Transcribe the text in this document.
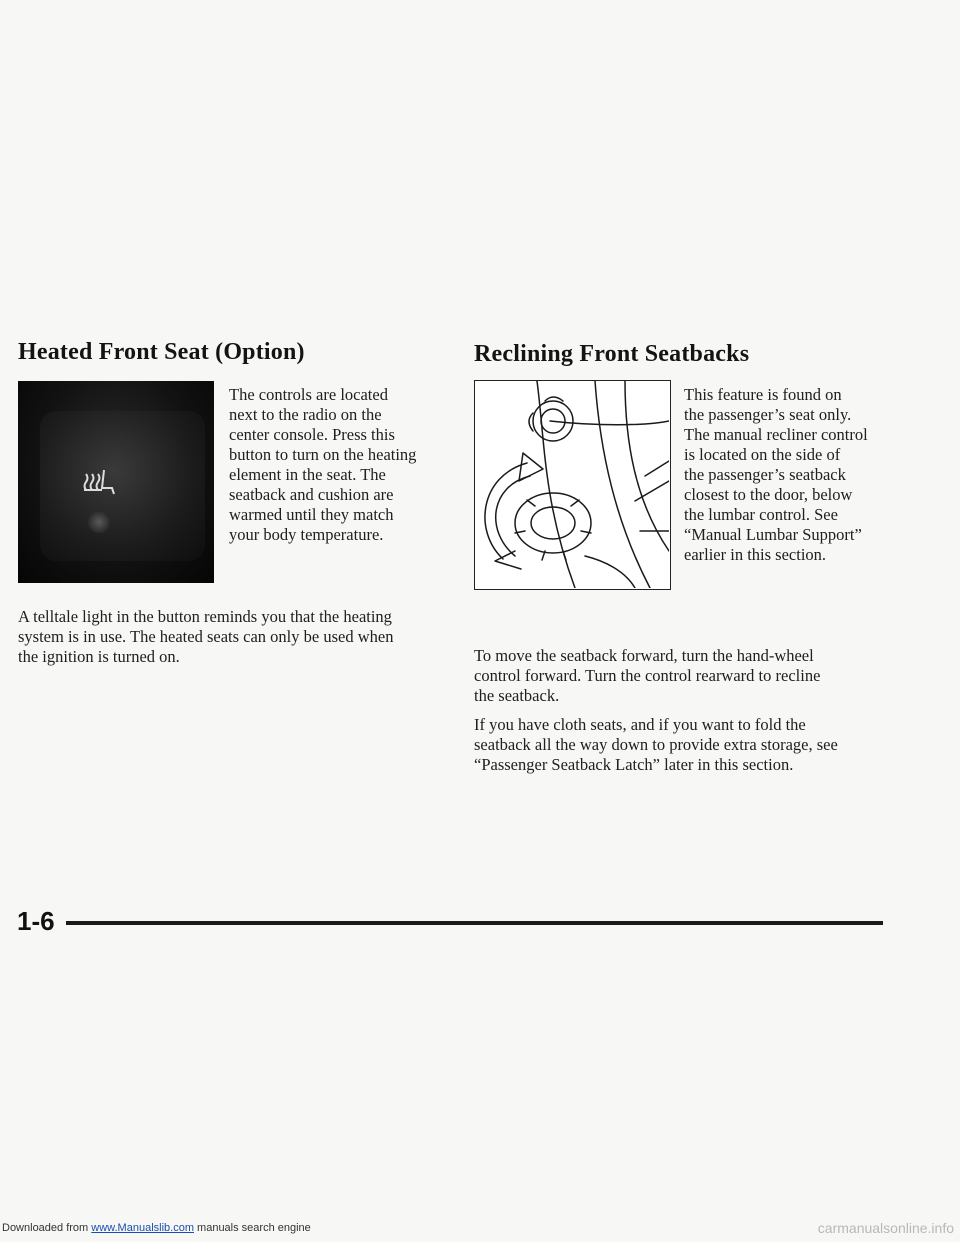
Heated Front Seat (Option)

The controls are located
next to the radio on the
center console. Press this
button to turn on the heating
element in the seat. The
seatback and cushion are
warmed until they match
your body temperature.

A telltale light in the button reminds you that the heating
system is in use. The heated seats can only be used when
the ignition is turned on.

Reclining Front Seatbacks

This feature is found on
the passenger’s seat only.
The manual recliner control
is located on the side of
the passenger’s seatback
closest to the door, below
the lumbar control. See
“Manual Lumbar Support”
earlier in this section.

To move the seatback forward, turn the hand-wheel
control forward. Turn the control rearward to recline
the seatback.

If you have cloth seats, and if you want to fold the
seatback all the way down to provide extra storage, see
“Passenger Seatback Latch” later in this section.

1-6

Downloaded from www.Manualslib.com manuals search engine	carmanualsonline.info
